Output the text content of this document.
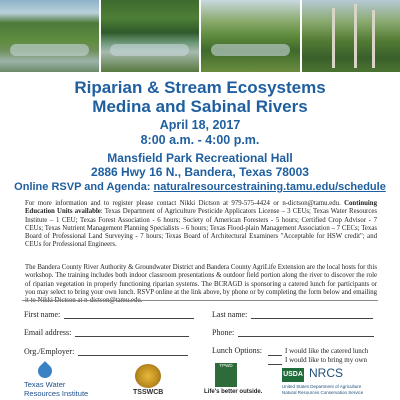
Riparian & Stream Ecosystems
Medina and Sabinal Rivers
April 18, 2017
8:00 a.m. - 4:00 p.m.
Mansfield Park Recreational Hall
2886 Hwy 16 N., Bandera, Texas 78003
Online RSVP and Agenda: naturalresourcestraining.tamu.edu/schedule
For more information and to register please contact Nikki Dictson at 979-575-4424 or n-dictson@tamu.edu. Continuing Education Units available: Texas Department of Agriculture Pesticide Applicators License – 3 CEUs; Texas Water Resources Institute – 1 CEU; Texas Forest Association - 6 hours; Society of American Foresters - 5 hours; Certified Crop Advisor - 7 CEUs; Texas Nutrient Management Planning Specialists – 6 hours; Texas Flood-plain Management Association – 7 CECs; Texas Board of Professional Land Surveying - 7 hours; Texas Board of Architectural Examiners "Acceptable for HSW credit"; and CEUs for Professional Engineers.
The Bandera County River Authority & Groundwater District and Bandera County AgriLife Extension are the local hosts for this workshop. The training includes both indoor classroom presentations & outdoor field portion along the river to discover the role of riparian vegetation in properly functioning riparian systems. The BCRAGD is sponsoring a catered lunch for participants or you may select to bring your own lunch. RSVP online at the link above, by phone or by completing the form below and emailing it to Nikki Dictson at n-dictson@tamu.edu.
First name:	Last name:
Email address:	Phone:
Org./Employer:	Lunch Options:	I would like the catered lunch
I would like to bring my own
Texas Water
Resources Institute	TSSWCB
TPWD
Life's better outside.
USDA NRCS
United States Department of Agriculture
Natural Resources Conservation Service
